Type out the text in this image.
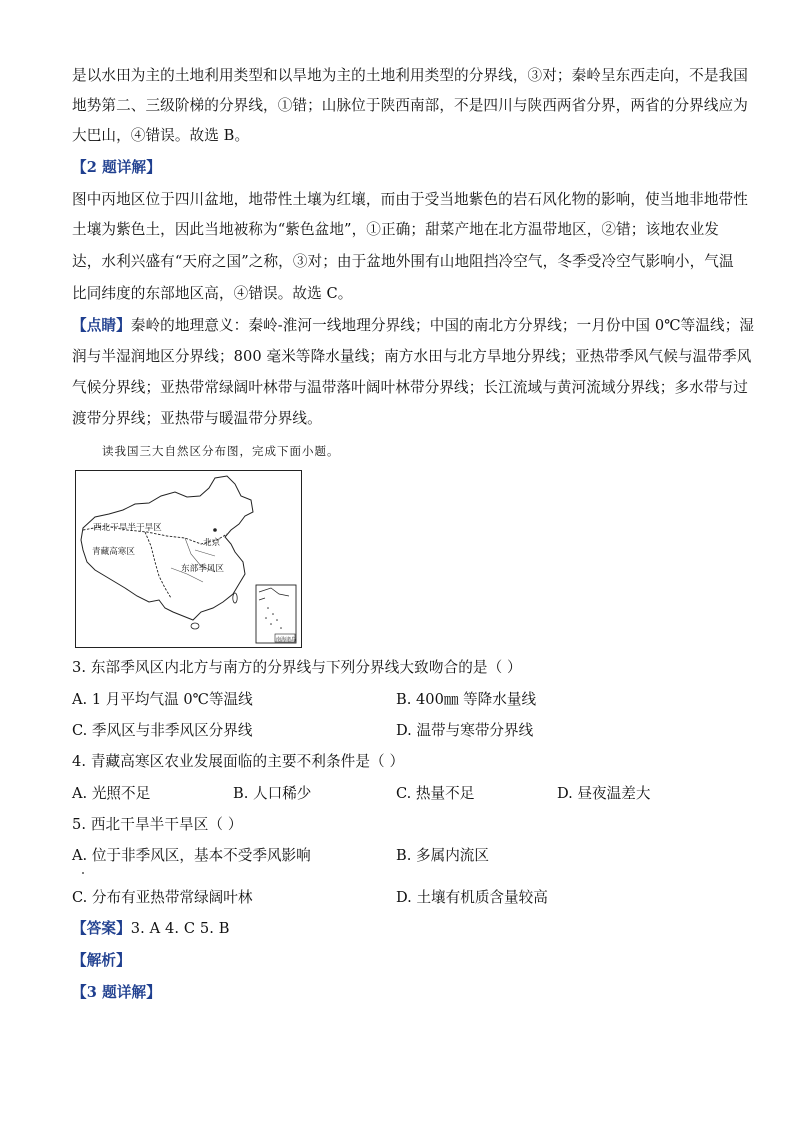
是以水田为主的土地利用类型和以旱地为主的土地利用类型的分界线，③对；秦岭呈东西走向，不是我国
地势第二、三级阶梯的分界线，①错；山脉位于陕西南部，不是四川与陕西两省分界，两省的分界线应为
大巴山，④错误。故选 B。
【2 题详解】
图中丙地区位于四川盆地，地带性土壤为红壤，而由于受当地紫色的岩石风化物的影响，使当地非地带性
土壤为紫色土，因此当地被称为“紫色盆地”，①正确；甜菜产地在北方温带地区，②错；该地农业发
达，水利兴盛有“天府之国”之称，③对；由于盆地外围有山地阻挡冷空气，冬季受冷空气影响小，气温
比同纬度的东部地区高，④错误。故选 C。
【点睛】秦岭的地理意义：秦岭-淮河一线地理分界线；中国的南北方分界线；一月份中国 0℃等温线；湿
润与半湿润地区分界线；800 毫米等降水量线；南方水田与北方旱地分界线；亚热带季风气候与温带季风
气候分界线；亚热带常绿阔叶林带与温带落叶阔叶林带分界线；长江流域与黄河流域分界线；多水带与过
渡带分界线；亚热带与暖温带分界线。
读我国三大自然区分布图，完成下面小题。
南海诸岛
西北干旱半干旱区
青藏高寒区
北京
东部季风区
3. 东部季风区内北方与南方的分界线与下列分界线大致吻合的是（ ）
A. 1 月平均气温 0℃等温线	B. 400㎜ 等降水量线
C. 季风区与非季风区分界线	D. 温带与寒带分界线
4. 青藏高寒区农业发展面临的主要不利条件是（ ）
A. 光照不足	B. 人口稀少	C. 热量不足	D. 昼夜温差大
5. 西北干旱半干旱区（ ）
A. 位于非季风区，基本不受季风影响	B. 多属内流区
C. 分布有亚热带常绿阔叶林	D. 土壤有机质含量较高
【答案】3. A 4. C 5. B
【解析】
【3 题详解】
